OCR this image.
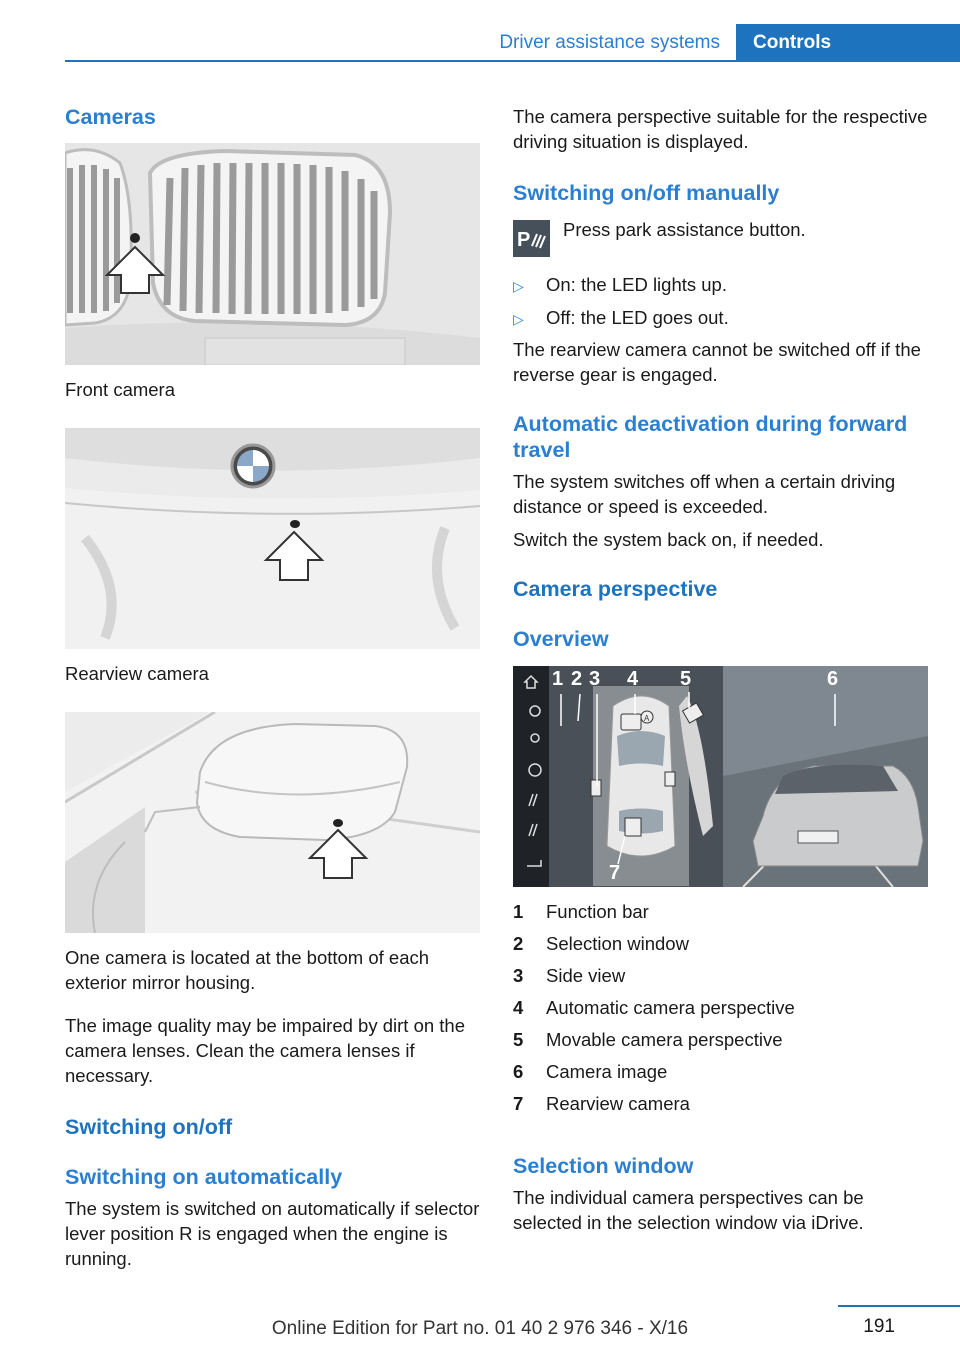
Driver assistance systems	Controls
Cameras
Front camera
Rearview camera
One camera is located at the bottom of each exterior mirror housing.
The image quality may be impaired by dirt on the camera lenses. Clean the camera lenses if necessary.
Switching on/off
Switching on automatically
The system is switched on automatically if selector lever position R is engaged when the engine is running.
The camera perspective suitable for the respective driving situation is displayed.
Switching on/off manually
P Press park assistance button.
▷ On: the LED lights up.
▷ Off: the LED goes out.
The rearview camera cannot be switched off if the reverse gear is engaged.
Automatic deactivation during forward travel
The system switches off when a certain driving distance or speed is exceeded.
Switch the system back on, if needed.
Camera perspective
Overview
A
1 2 3 4 5	6
7
1 Function bar
2 Selection window
3 Side view
4 Automatic camera perspective
5 Movable camera perspective
6 Camera image
7 Rearview camera
Selection window
The individual camera perspectives can be selected in the selection window via iDrive.
191
Online Edition for Part no. 01 40 2 976 346 - X/16
